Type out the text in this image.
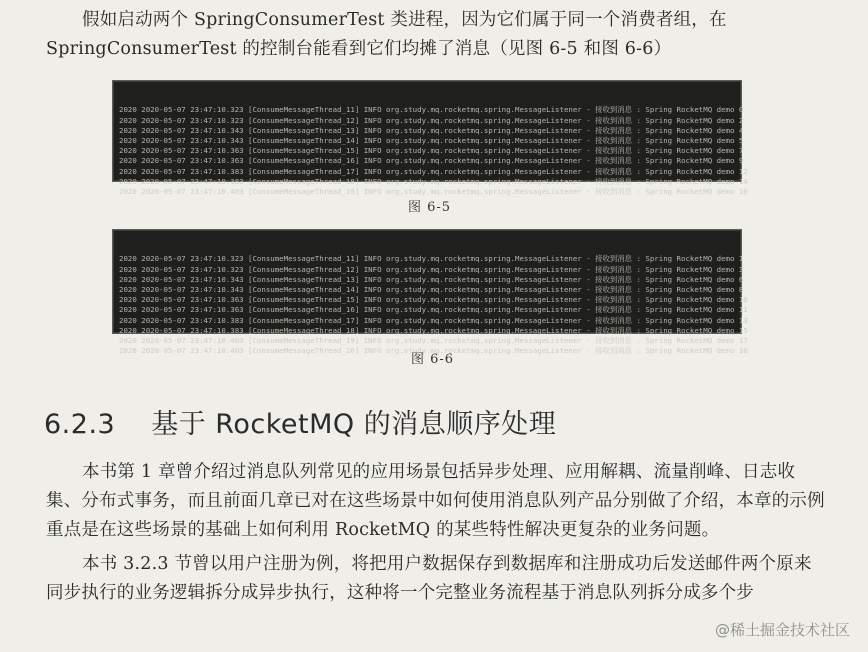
假如启动两个 SpringConsumerTest 类进程，因为它们属于同一个消费者组，在 SpringConsumerTest 的控制台能看到它们均摊了消息（见图 6-5 和图 6-6）

2020 2020-05-07 23:47:10.323 [ConsumeMessageThread_11] INFO org.study.mq.rocketmq.spring.MessageListener - 接收到消息 : Spring RocketMQ demo 0
2020 2020-05-07 23:47:10.323 [ConsumeMessageThread_12] INFO org.study.mq.rocketmq.spring.MessageListener - 接收到消息 : Spring RocketMQ demo 2
2020 2020-05-07 23:47:10.343 [ConsumeMessageThread_13] INFO org.study.mq.rocketmq.spring.MessageListener - 接收到消息 : Spring RocketMQ demo 4
2020 2020-05-07 23:47:10.343 [ConsumeMessageThread_14] INFO org.study.mq.rocketmq.spring.MessageListener - 接收到消息 : Spring RocketMQ demo 5
2020 2020-05-07 23:47:10.363 [ConsumeMessageThread_15] INFO org.study.mq.rocketmq.spring.MessageListener - 接收到消息 : Spring RocketMQ demo 7
2020 2020-05-07 23:47:10.363 [ConsumeMessageThread_16] INFO org.study.mq.rocketmq.spring.MessageListener - 接收到消息 : Spring RocketMQ demo 9
2020 2020-05-07 23:47:10.383 [ConsumeMessageThread_17] INFO org.study.mq.rocketmq.spring.MessageListener - 接收到消息 : Spring RocketMQ demo 12
2020 2020-05-07 23:47:10.383 [ConsumeMessageThread_18] INFO org.study.mq.rocketmq.spring.MessageListener - 接收到消息 : Spring RocketMQ demo 14
2020 2020-05-07 23:47:10.403 [ConsumeMessageThread_19] INFO org.study.mq.rocketmq.spring.MessageListener - 接收到消息 : Spring RocketMQ demo 16

图 6-5

2020 2020-05-07 23:47:10.323 [ConsumeMessageThread_11] INFO org.study.mq.rocketmq.spring.MessageListener - 接收到消息 : Spring RocketMQ demo 1
2020 2020-05-07 23:47:10.323 [ConsumeMessageThread_12] INFO org.study.mq.rocketmq.spring.MessageListener - 接收到消息 : Spring RocketMQ demo 3
2020 2020-05-07 23:47:10.343 [ConsumeMessageThread_13] INFO org.study.mq.rocketmq.spring.MessageListener - 接收到消息 : Spring RocketMQ demo 6
2020 2020-05-07 23:47:10.343 [ConsumeMessageThread_14] INFO org.study.mq.rocketmq.spring.MessageListener - 接收到消息 : Spring RocketMQ demo 8
2020 2020-05-07 23:47:10.363 [ConsumeMessageThread_15] INFO org.study.mq.rocketmq.spring.MessageListener - 接收到消息 : Spring RocketMQ demo 10
2020 2020-05-07 23:47:10.363 [ConsumeMessageThread_16] INFO org.study.mq.rocketmq.spring.MessageListener - 接收到消息 : Spring RocketMQ demo 11
2020 2020-05-07 23:47:10.383 [ConsumeMessageThread_17] INFO org.study.mq.rocketmq.spring.MessageListener - 接收到消息 : Spring RocketMQ demo 13
2020 2020-05-07 23:47:10.383 [ConsumeMessageThread_18] INFO org.study.mq.rocketmq.spring.MessageListener - 接收到消息 : Spring RocketMQ demo 15
2020 2020-05-07 23:47:10.403 [ConsumeMessageThread_19] INFO org.study.mq.rocketmq.spring.MessageListener - 接收到消息 : Spring RocketMQ demo 17
2020 2020-05-07 23:47:10.403 [ConsumeMessageThread_20] INFO org.study.mq.rocketmq.spring.MessageListener - 接收到消息 : Spring RocketMQ demo 18

图 6-6
6.2.3 基于 RocketMQ 的消息顺序处理
本书第 1 章曾介绍过消息队列常见的应用场景包括异步处理、应用解耦、流量削峰、日志收集、分布式事务，而且前面几章已对在这些场景中如何使用消息队列产品分别做了介绍，本章的示例重点是在这些场景的基础上如何利用 RocketMQ 的某些特性解决更复杂的业务问题。
本书 3.2.3 节曾以用户注册为例，将把用户数据保存到数据库和注册成功后发送邮件两个原来同步执行的业务逻辑拆分成异步执行，这种将一个完整业务流程基于消息队列拆分成多个步
@稀土掘金技术社区
